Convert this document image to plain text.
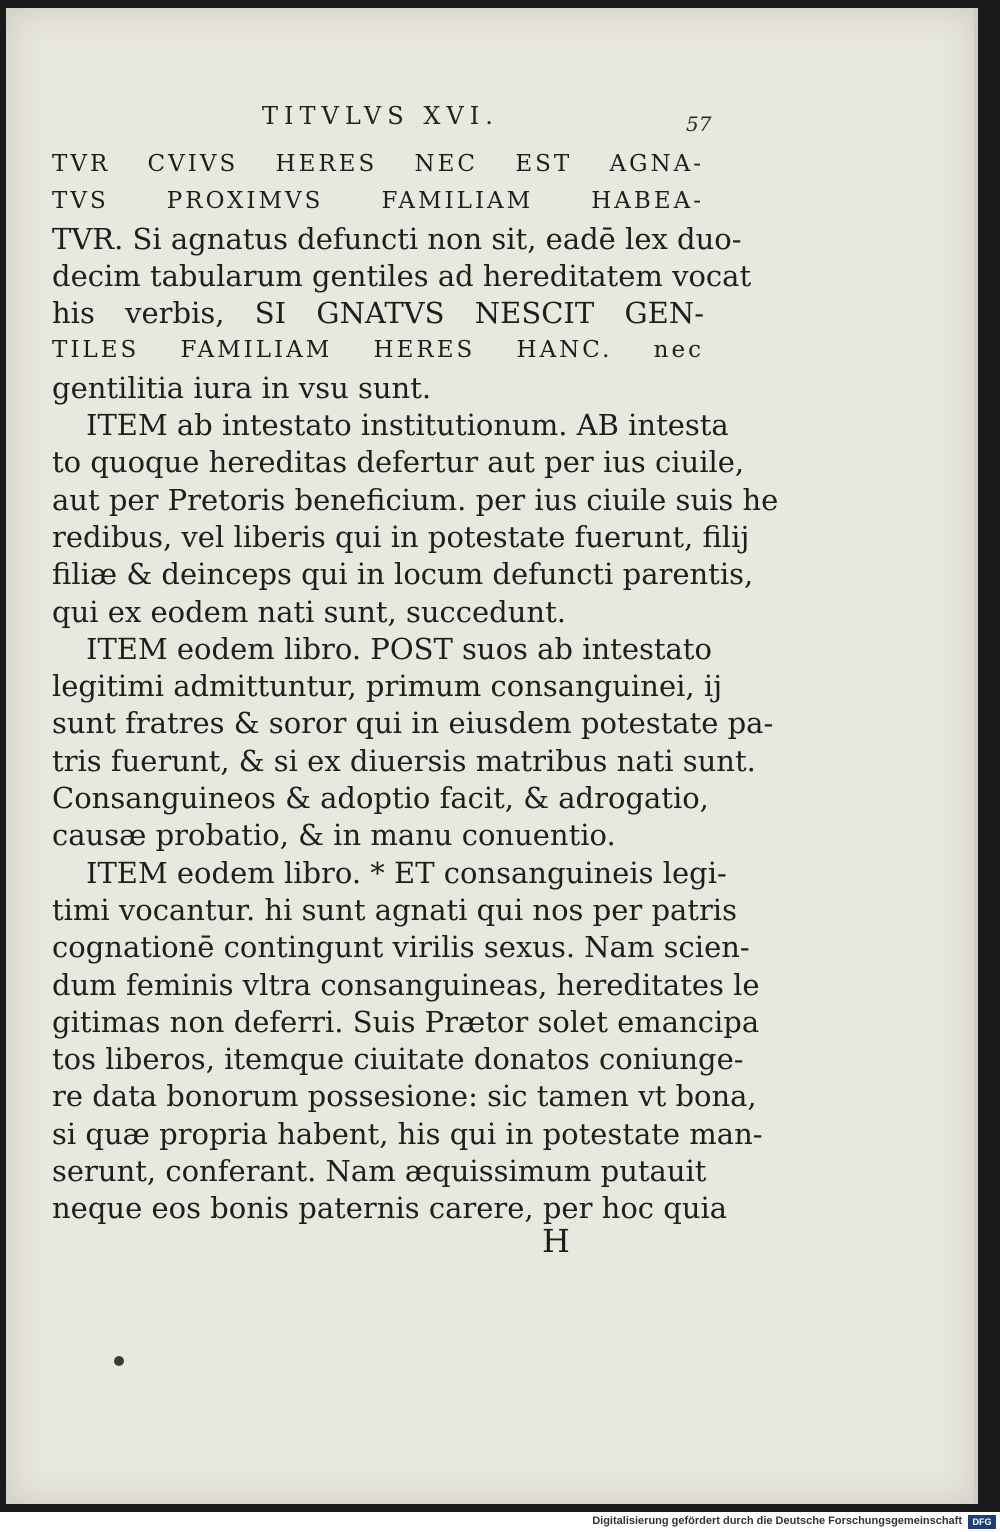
TITVLVS XVI.	57
TVR CVIVS HERES NEC EST AGNA-
TVS PROXIMVS FAMILIAM HABEA-
TVR. Si agnatus defuncti non sit, eadē lex duo-
decim tabularum gentiles ad hereditatem vocat
his verbis, SI GNATVS NESCIT GEN-
TILES FAMILIAM HERES HANC. nec
gentilitia iura in vsu sunt.
ITEM ab intestato institutionum. AB intesta
to quoque hereditas defertur aut per ius ciuile,
aut per Pretoris beneficium. per ius ciuile suis he
redibus, vel liberis qui in potestate fuerunt, filij
filiæ & deinceps qui in locum defuncti parentis,
qui ex eodem nati sunt, succedunt.
ITEM eodem libro. POST suos ab intestato
legitimi admittuntur, primum consanguinei, ij
sunt fratres & soror qui in eiusdem potestate pa-
tris fuerunt, & si ex diuersis matribus nati sunt.
Consanguineos & adoptio facit, & adrogatio,
causæ probatio, & in manu conuentio.
ITEM eodem libro. * ET consanguineis legi-
timi vocantur. hi sunt agnati qui nos per patris
cognationē contingunt virilis sexus. Nam scien-
dum feminis vltra consanguineas, hereditates le
gitimas non deferri. Suis Prætor solet emancipa
tos liberos, itemque ciuitate donatos coniunge-
re data bonorum possesione: sic tamen vt bona,
si quæ propria habent, his qui in potestate man-
serunt, conferant. Nam æquissimum putauit
neque eos bonis paternis carere, per hoc quia
H
Digitalisierung gefördert durch die Deutsche Forschungsgemeinschaft	DFG
